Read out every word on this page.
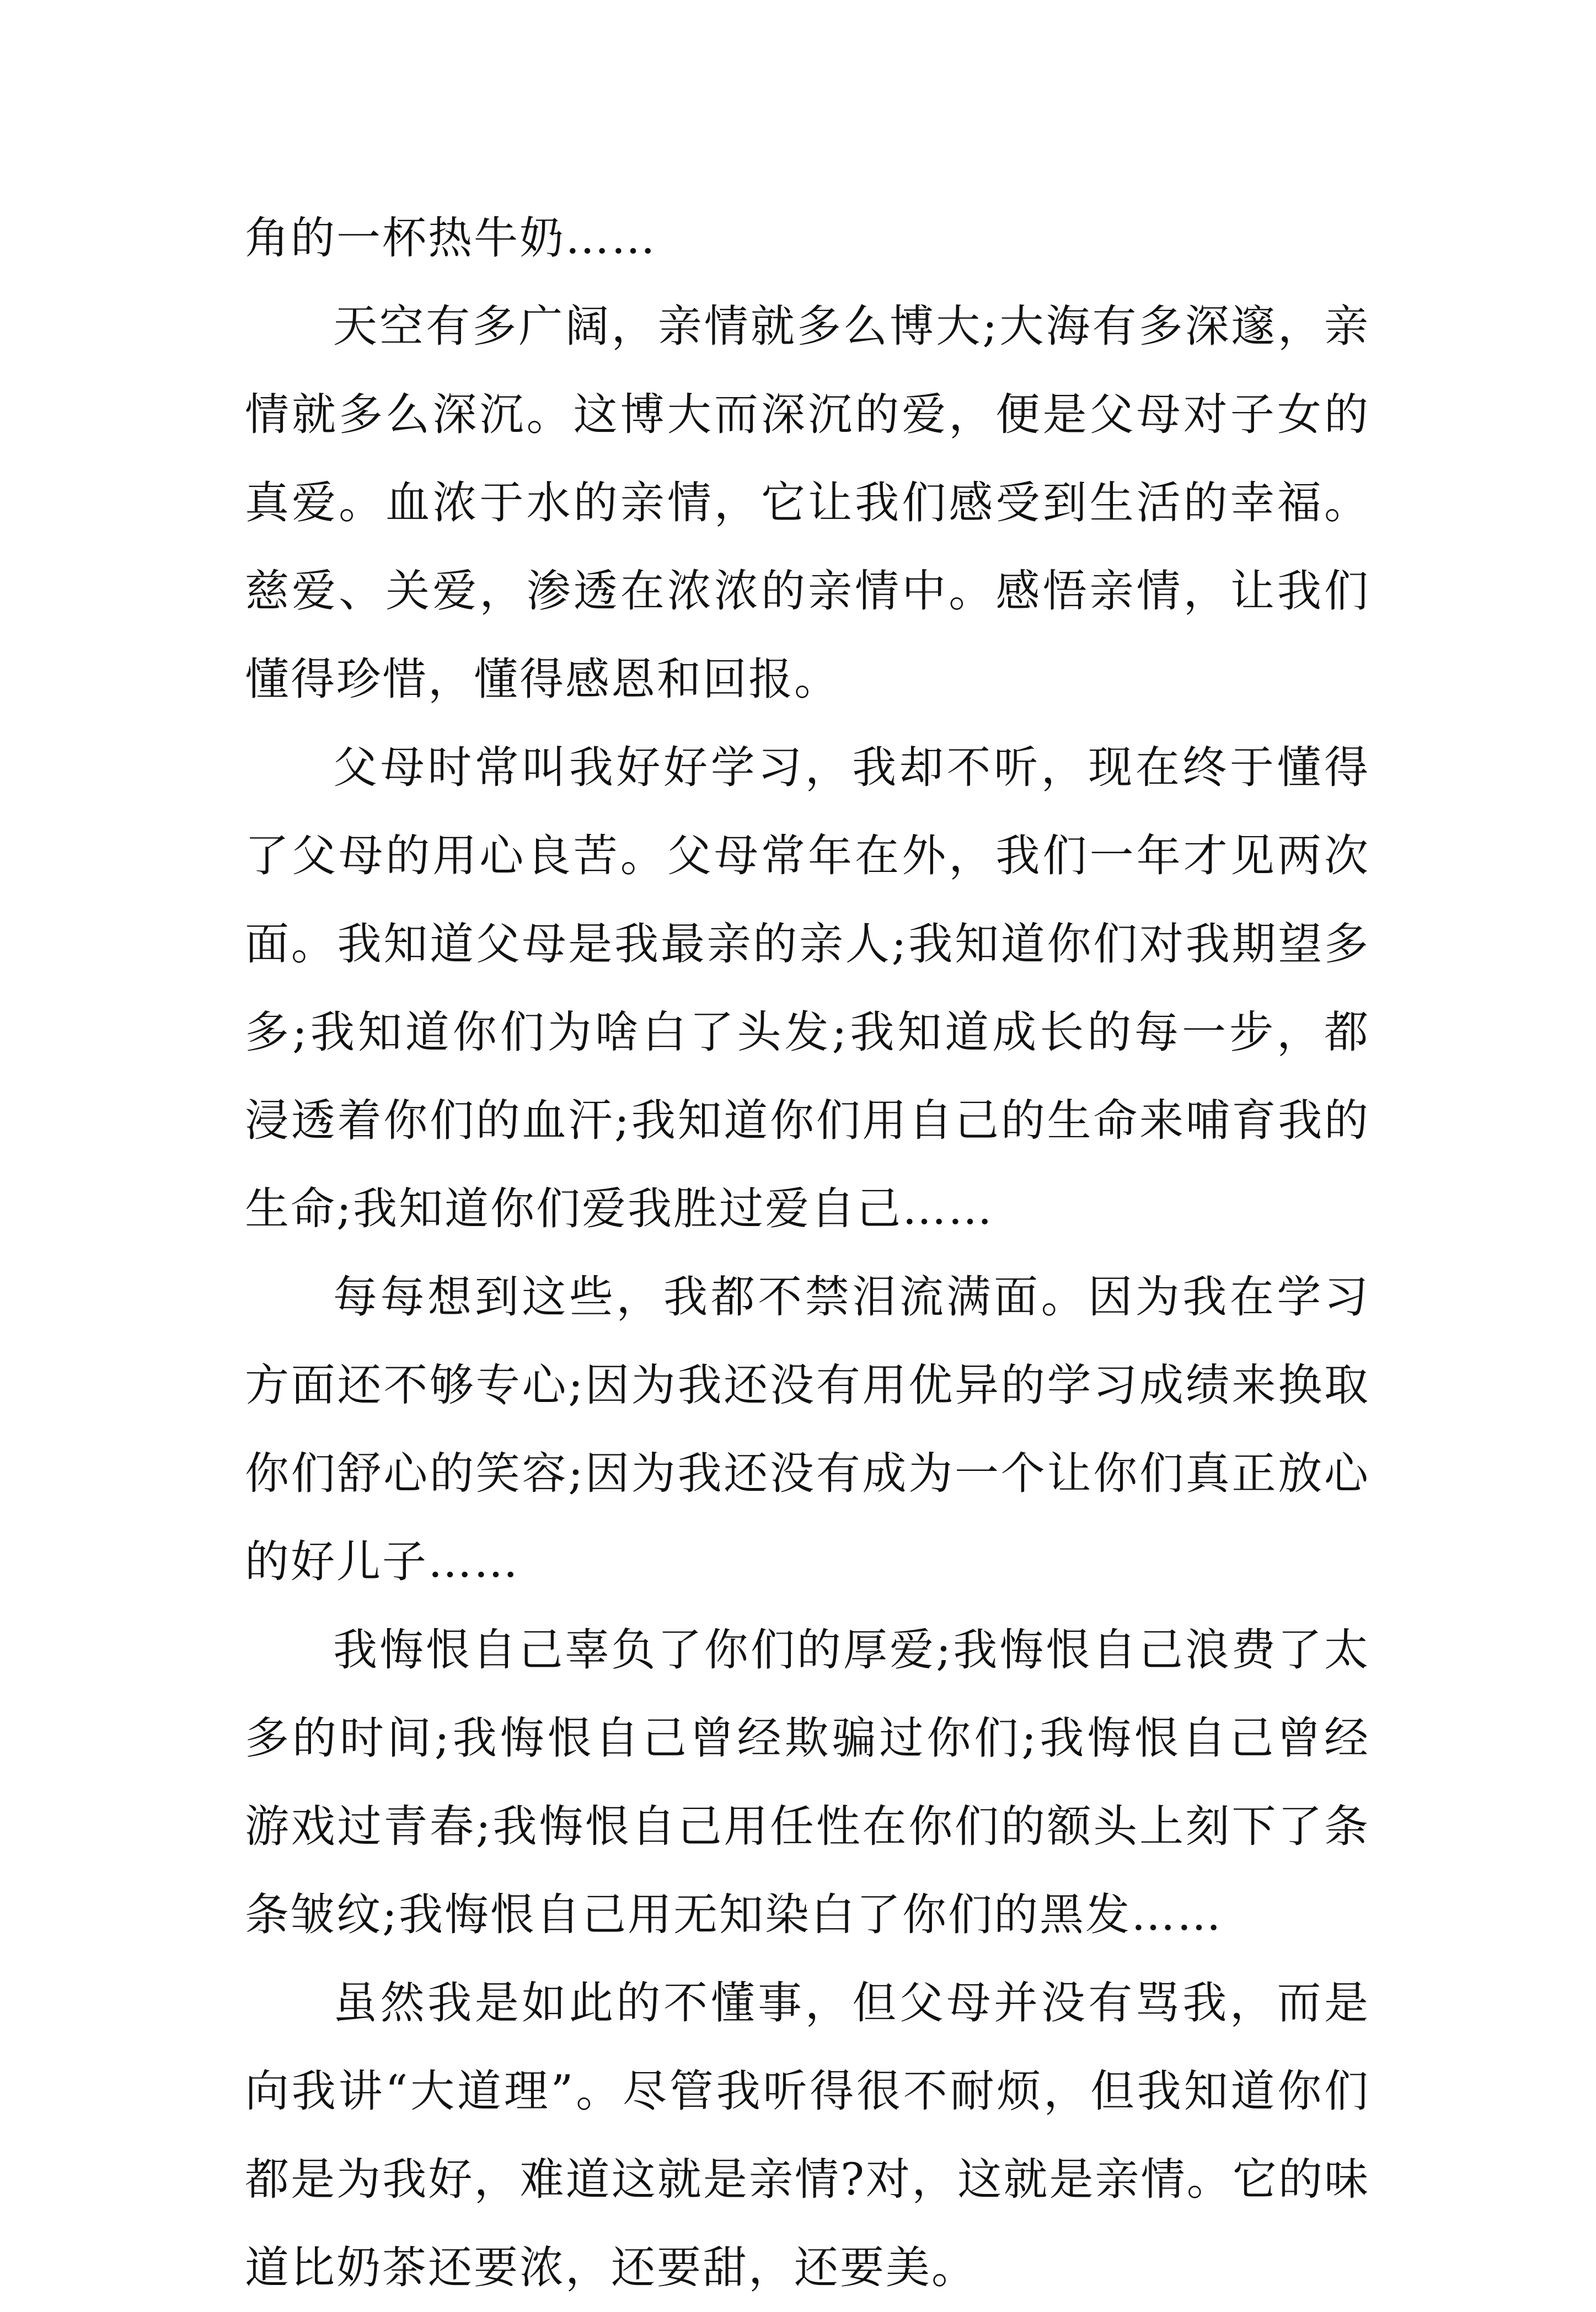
角的一杯热牛奶……

天空有多广阔，亲情就多么博大;大海有多深邃，亲情就多么深沉。这博大而深沉的爱，便是父母对子女的真爱。血浓于水的亲情，它让我们感受到生活的幸福。慈爱、关爱，渗透在浓浓的亲情中。感悟亲情，让我们懂得珍惜，懂得感恩和回报。

父母时常叫我好好学习，我却不听，现在终于懂得了父母的用心良苦。父母常年在外，我们一年才见两次面。我知道父母是我最亲的亲人;我知道你们对我期望多多;我知道你们为啥白了头发;我知道成长的每一步，都浸透着你们的血汗;我知道你们用自己的生命来哺育我的生命;我知道你们爱我胜过爱自己……

每每想到这些，我都不禁泪流满面。因为我在学习方面还不够专心;因为我还没有用优异的学习成绩来换取你们舒心的笑容;因为我还没有成为一个让你们真正放心的好儿子……

我悔恨自己辜负了你们的厚爱;我悔恨自己浪费了太多的时间;我悔恨自己曾经欺骗过你们;我悔恨自己曾经游戏过青春;我悔恨自己用任性在你们的额头上刻下了条条皱纹;我悔恨自己用无知染白了你们的黑发……

虽然我是如此的不懂事，但父母并没有骂我，而是向我讲“大道理”。尽管我听得很不耐烦，但我知道你们都是为我好，难道这就是亲情?对，这就是亲情。它的味道比奶茶还要浓，还要甜，还要美。
